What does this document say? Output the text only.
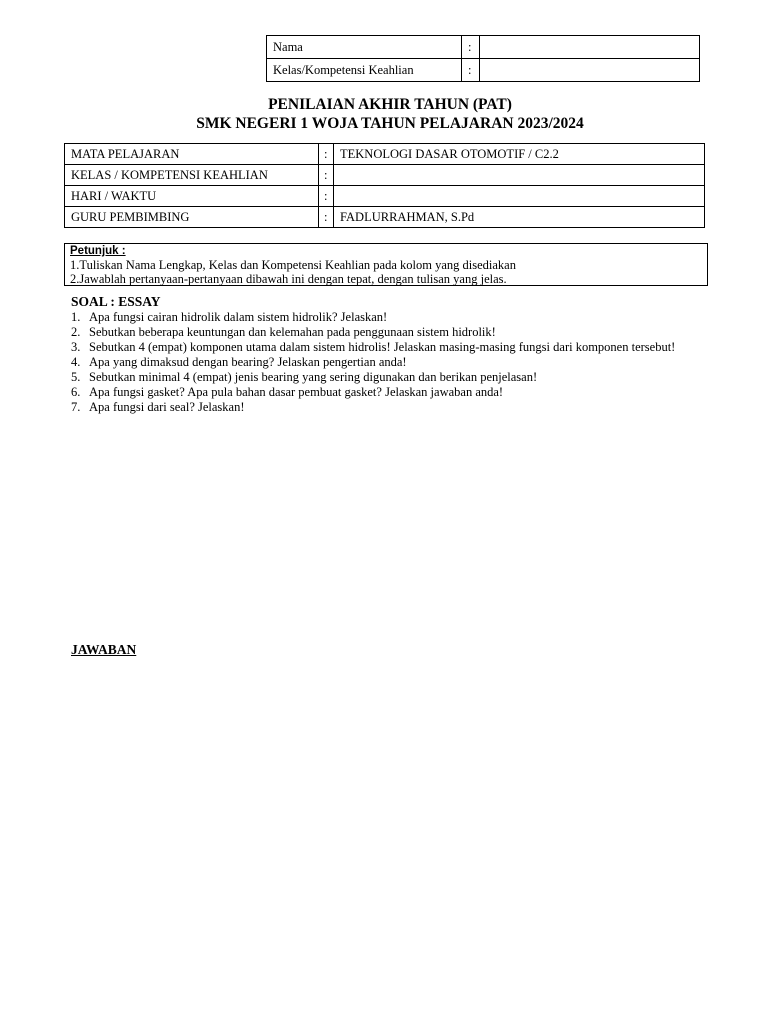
Nama	:	
Kelas/Kompetensi Keahlian	:	
PENILAIAN AKHIR TAHUN (PAT)
SMK NEGERI 1 WOJA TAHUN PELAJARAN 2023/2024
MATA PELAJARAN	:	TEKNOLOGI DASAR OTOMOTIF / C2.2
KELAS / KOMPETENSI KEAHLIAN	:	
HARI / WAKTU	:	
GURU PEMBIMBING	:	FADLURRAHMAN, S.Pd
Petunjuk :
1.Tuliskan Nama Lengkap, Kelas dan Kompetensi Keahlian pada kolom yang disediakan
2.Jawablah pertanyaan-pertanyaan dibawah ini dengan tepat, dengan tulisan yang jelas.
SOAL : ESSAY
1. Apa fungsi cairan hidrolik dalam sistem hidrolik? Jelaskan!
2. Sebutkan beberapa keuntungan dan kelemahan pada penggunaan sistem hidrolik!
3. Sebutkan 4 (empat) komponen utama dalam sistem hidrolis! Jelaskan masing-masing fungsi dari komponen tersebut!
4. Apa yang dimaksud dengan bearing? Jelaskan pengertian anda!
5. Sebutkan minimal 4 (empat) jenis bearing yang sering digunakan dan berikan penjelasan!
6. Apa fungsi gasket? Apa pula bahan dasar pembuat gasket? Jelaskan jawaban anda!
7. Apa fungsi dari seal? Jelaskan!
JAWABAN
